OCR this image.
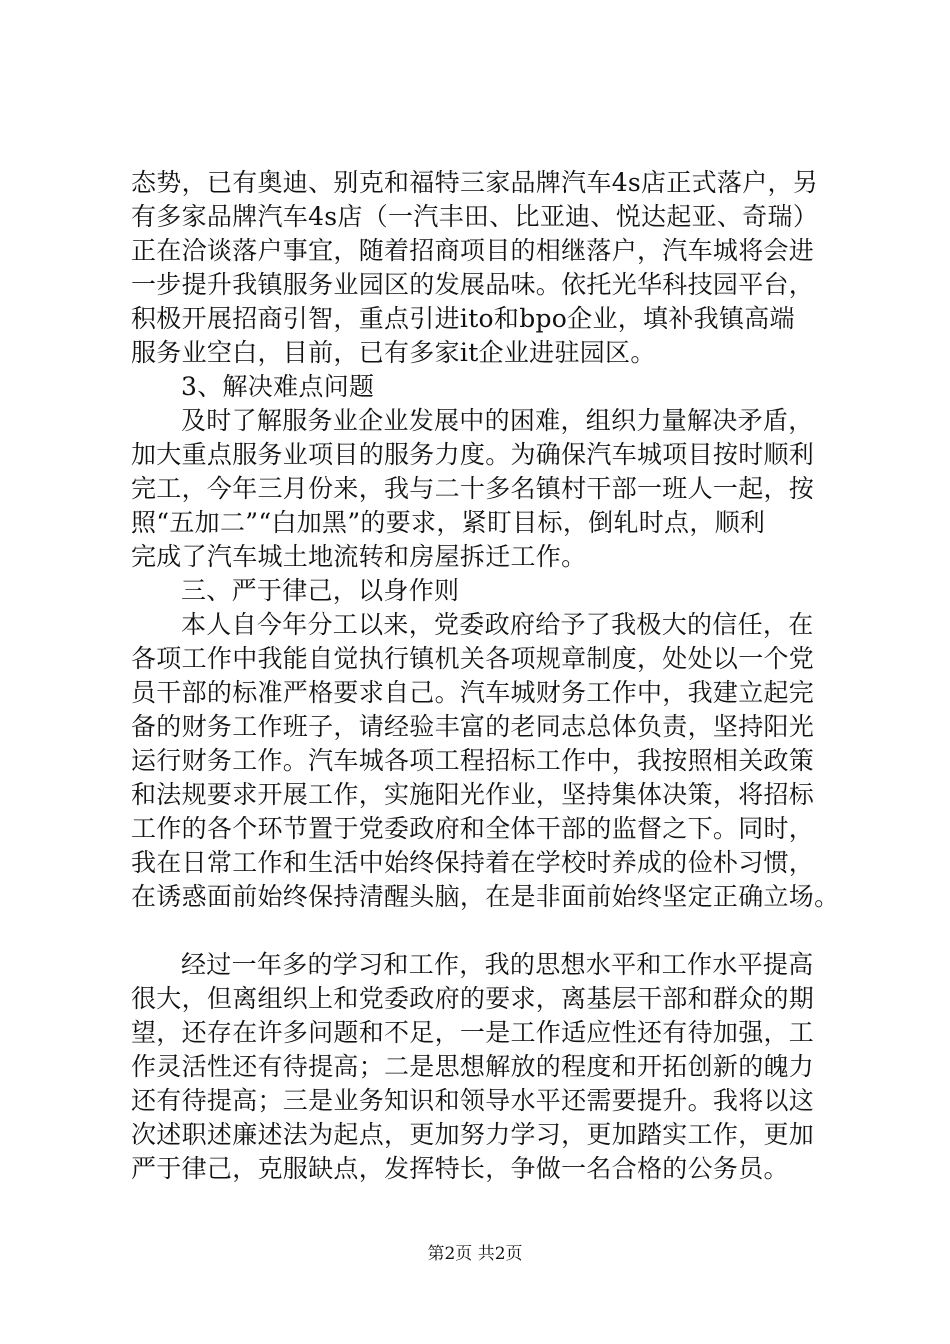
态势，已有奥迪、别克和福特三家品牌汽车4s店正式落户，另
有多家品牌汽车4s店（一汽丰田、比亚迪、悦达起亚、奇瑞）
正在洽谈落户事宜，随着招商项目的相继落户，汽车城将会进
一步提升我镇服务业园区的发展品味。依托光华科技园平台，
积极开展招商引智，重点引进ito和bpo企业，填补我镇高端
服务业空白，目前，已有多家it企业进驻园区。
3、解决难点问题
及时了解服务业企业发展中的困难，组织力量解决矛盾，
加大重点服务业项目的服务力度。为确保汽车城项目按时顺利
完工，今年三月份来，我与二十多名镇村干部一班人一起，按
照“五加二”“白加黑”的要求，紧盯目标，倒轧时点，顺利
完成了汽车城土地流转和房屋拆迁工作。
三、严于律己，以身作则
本人自今年分工以来，党委政府给予了我极大的信任，在
各项工作中我能自觉执行镇机关各项规章制度，处处以一个党
员干部的标准严格要求自己。汽车城财务工作中，我建立起完
备的财务工作班子，请经验丰富的老同志总体负责，坚持阳光
运行财务工作。汽车城各项工程招标工作中，我按照相关政策
和法规要求开展工作，实施阳光作业，坚持集体决策，将招标
工作的各个环节置于党委政府和全体干部的监督之下。同时，
我在日常工作和生活中始终保持着在学校时养成的俭朴习惯，
在诱惑面前始终保持清醒头脑，在是非面前始终坚定正确立场。
经过一年多的学习和工作，我的思想水平和工作水平提高
很大，但离组织上和党委政府的要求，离基层干部和群众的期
望，还存在许多问题和不足，一是工作适应性还有待加强，工
作灵活性还有待提高；二是思想解放的程度和开拓创新的魄力
还有待提高；三是业务知识和领导水平还需要提升。我将以这
次述职述廉述法为起点，更加努力学习，更加踏实工作，更加
严于律己，克服缺点，发挥特长，争做一名合格的公务员。
第2页 共2页
